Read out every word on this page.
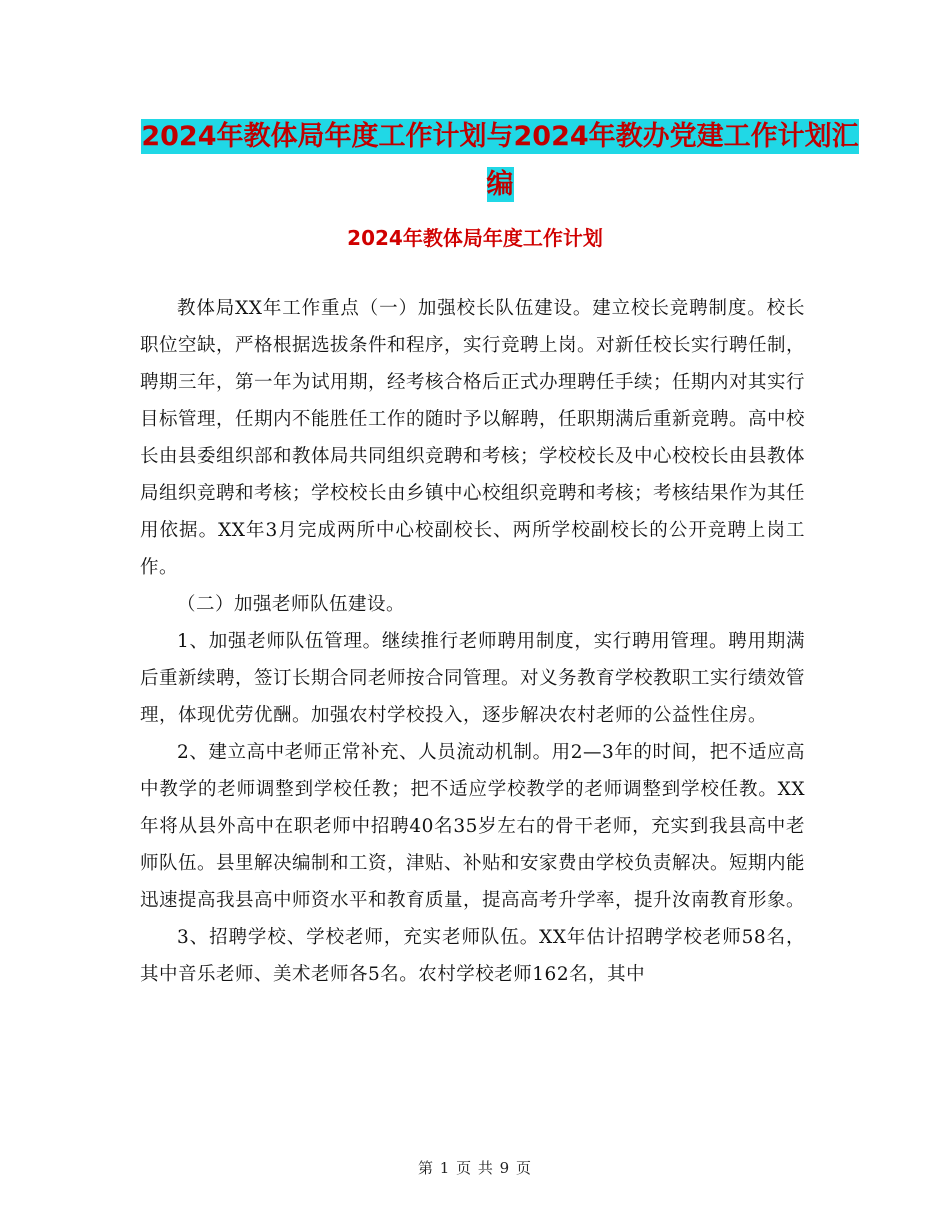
2024年教体局年度工作计划与2024年教办党建工作计划汇编
2024年教体局年度工作计划

教体局XX年工作重点（一）加强校长队伍建设。建立校长竞聘制度。校长职位空缺，严格根据选拔条件和程序，实行竞聘上岗。对新任校长实行聘任制，聘期三年，第一年为试用期，经考核合格后正式办理聘任手续；任期内对其实行目标管理，任期内不能胜任工作的随时予以解聘，任职期满后重新竞聘。高中校长由县委组织部和教体局共同组织竞聘和考核；学校校长及中心校校长由县教体局组织竞聘和考核；学校校长由乡镇中心校组织竞聘和考核；考核结果作为其任用依据。XX年3月完成两所中心校副校长、两所学校副校长的公开竞聘上岗工作。

（二）加强老师队伍建设。

1、加强老师队伍管理。继续推行老师聘用制度，实行聘用管理。聘用期满后重新续聘，签订长期合同老师按合同管理。对义务教育学校教职工实行绩效管理，体现优劳优酬。加强农村学校投入，逐步解决农村老师的公益性住房。

2、建立高中老师正常补充、人员流动机制。用2—3年的时间，把不适应高中教学的老师调整到学校任教；把不适应学校教学的老师调整到学校任教。XX年将从县外高中在职老师中招聘40名35岁左右的骨干老师，充实到我县高中老师队伍。县里解决编制和工资，津贴、补贴和安家费由学校负责解决。短期内能迅速提高我县高中师资水平和教育质量，提高高考升学率，提升汝南教育形象。

3、招聘学校、学校老师，充实老师队伍。XX年估计招聘学校老师58名，其中音乐老师、美术老师各5名。农村学校老师162名，其中

第 1 页 共 9 页
